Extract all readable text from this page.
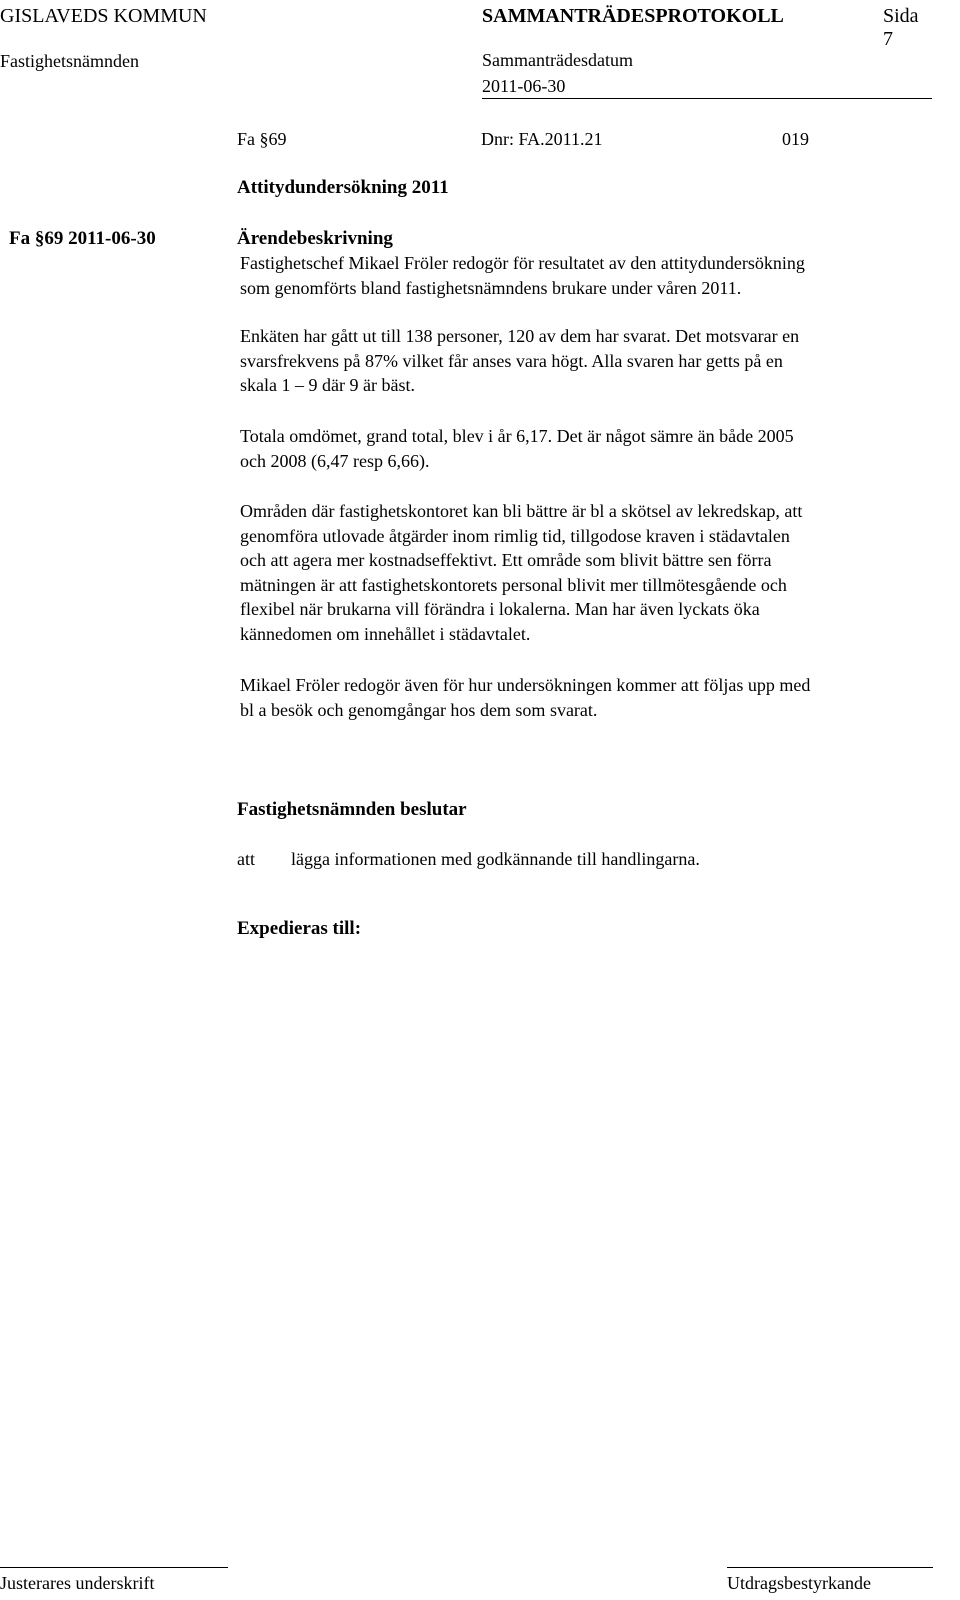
GISLAVEDS KOMMUN	SAMMANTRÄDESPROTOKOLL	Sida
7
Fastighetsnämnden	Sammanträdesdatum
2011-06-30
Fa §69	Dnr: FA.2011.21	019
Attitydundersökning 2011
Fa §69 2011-06-30	Ärendebeskrivning
Fastighetschef Mikael Fröler redogör för resultatet av den attitydundersökning
som genomförts bland fastighetsnämndens brukare under våren 2011.
Enkäten har gått ut till 138 personer, 120 av dem har svarat. Det motsvarar en
svarsfrekvens på 87% vilket får anses vara högt. Alla svaren har getts på en
skala 1 – 9 där 9 är bäst.
Totala omdömet, grand total, blev i år 6,17. Det är något sämre än både 2005
och 2008 (6,47 resp 6,66).
Områden där fastighetskontoret kan bli bättre är bl a skötsel av lekredskap, att
genomföra utlovade åtgärder inom rimlig tid, tillgodose kraven i städavtalen
och att agera mer kostnadseffektivt. Ett område som blivit bättre sen förra
mätningen är att fastighetskontorets personal blivit mer tillmötesgående och
flexibel när brukarna vill förändra i lokalerna. Man har även lyckats öka
kännedomen om innehållet i städavtalet.
Mikael Fröler redogör även för hur undersökningen kommer att följas upp med
bl a besök och genomgångar hos dem som svarat.
Fastighetsnämnden beslutar
att lägga informationen med godkännande till handlingarna.
Expedieras till:
Justerares underskrift	Utdragsbestyrkande
